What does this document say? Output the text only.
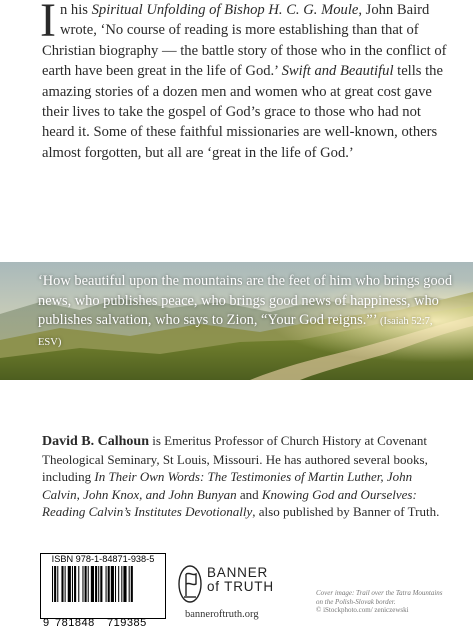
In his Spiritual Unfolding of Bishop H. C. G. Moule, John Baird wrote, ‘No course of reading is more establishing than that of Christian biography — the battle story of those who in the conflict of earth have been great in the life of God.’ Swift and Beautiful tells the amazing stories of a dozen men and women who at great cost gave their lives to take the gospel of God’s grace to those who had not heard it. Some of these faithful missionaries are well-known, others almost forgotten, but all are ‘great in the life of God.’

‘How beautiful upon the mountains are the feet of him who brings good news, who publishes peace, who brings good news of happiness, who publishes salvation, who says to Zion, “Your God reigns.”’ (Isaiah 52:7, ESV)

David B. Calhoun is Emeritus Professor of Church History at Covenant Theological Seminary, St Louis, Missouri. He has authored several books, including In Their Own Words: The Testimonies of Martin Luther, John Calvin, John Knox, and John Bunyan and Knowing God and Ourselves: Reading Calvin’s Institutes Devotionally, also published by Banner of Truth.

ISBN 978-1-84871-938-5
9 781848 719385
BANNER
of TRUTH
banneroftruth.org

Cover image: Trail over the Tatra Mountains

on the Polish-Slovak border.

© iStockphoto.com/ zeniczewski
